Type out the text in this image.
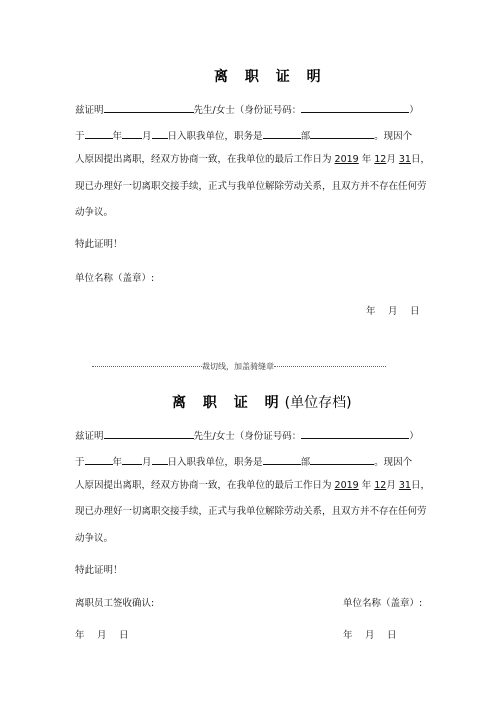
离 职 证 明
兹证明	先生/女士（身份证号码：	）
于	年 月 日入职我单位，职务是	部	。现因个
人原因提出离职，经双方协商一致，在我单位的最后工作日为 2019 年 12月 31日，
现已办理好一切离职交接手续，正式与我单位解除劳动关系，且双方并不存在任何劳
动争议。
特此证明！
单位名称（盖章）:
年　 月　 日
裁切线，加盖骑缝章
离 职 证 明(单位存档)
兹证明	先生/女士（身份证号码：	）
于	年 月 日入职我单位，职务是	部	。现因个
人原因提出离职，经双方协商一致，在我单位的最后工作日为 2019 年 12月 31日，
现已办理好一切离职交接手续，正式与我单位解除劳动关系，且双方并不存在任何劳
动争议。
特此证明！
离职员工签收确认:	单位名称（盖章）:
年　 月　 日	年　 月　 日
